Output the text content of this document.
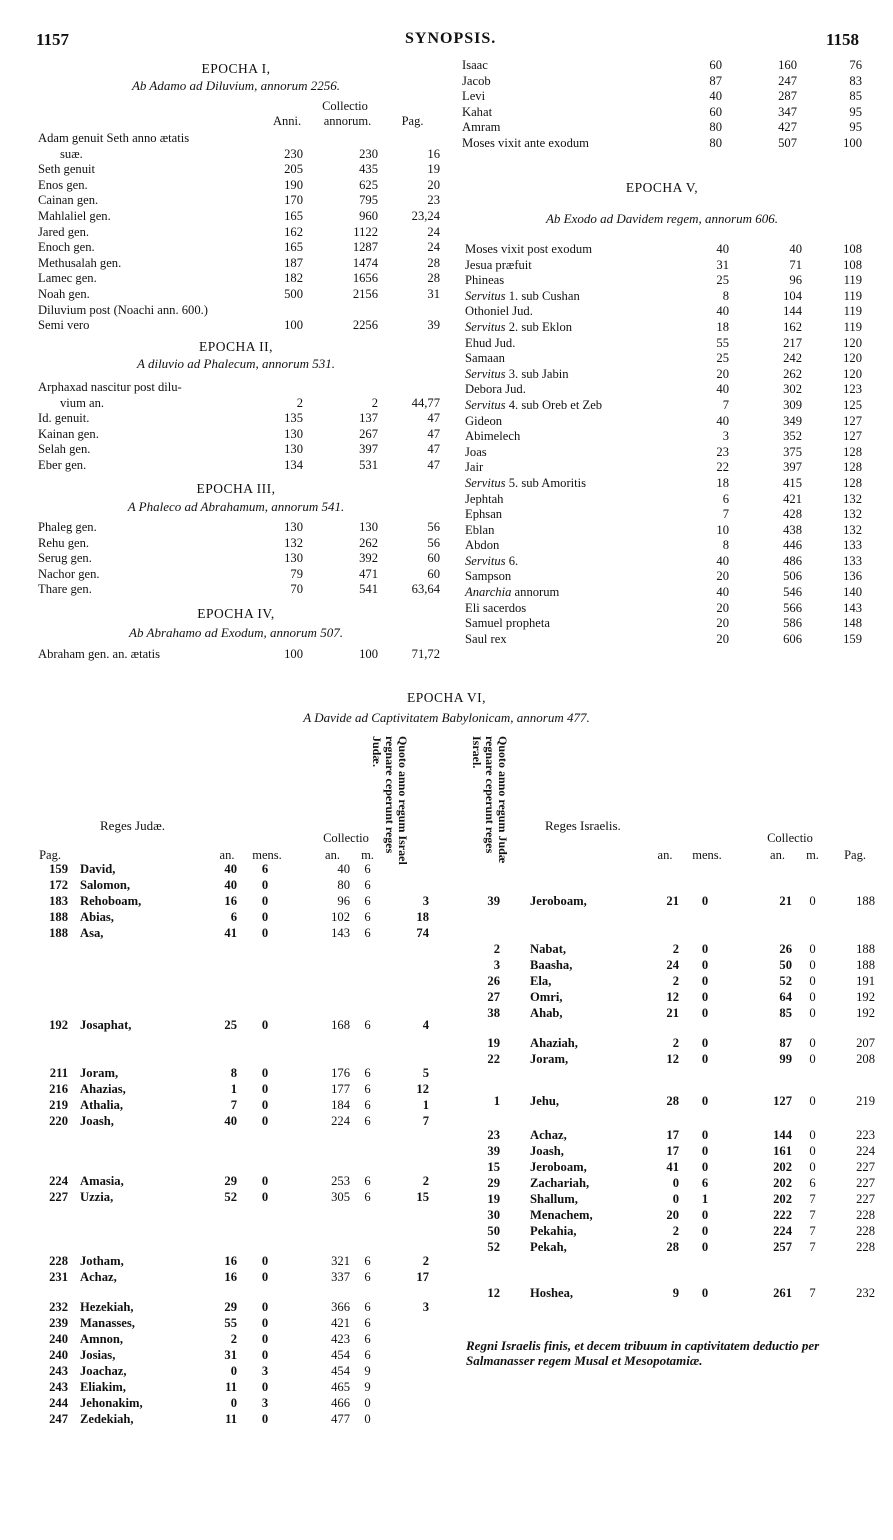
1157	SYNOPSIS.	1158
EPOCHA I,
Ab Adamo ad Diluvium, annorum 2256.
Collectio
Anni.	annorum.	Pag.
Adam genuit Seth anno ætatis			
suæ.	230	230	16
Seth genuit	205	435	19
Enos gen.	190	625	20
Cainan gen.	170	795	23
Mahlaliel gen.	165	960	23,24
Jared gen.	162	1122	24
Enoch gen.	165	1287	24
Methusalah gen.	187	1474	28
Lamec gen.	182	1656	28
Noah gen.	500	2156	31
Diluvium post (Noachi ann. 600.)			
Semi vero	100	2256	39
EPOCHA II,
A diluvio ad Phalecum, annorum 531.
Arphaxad nascitur post dilu-			
vium an.	2	2	44,77
Id. genuit.	135	137	47
Kainan gen.	130	267	47
Selah gen.	130	397	47
Eber gen.	134	531	47
EPOCHA III,
A Phaleco ad Abrahamum, annorum 541.
Phaleg gen.	130	130	56
Rehu gen.	132	262	56
Serug gen.	130	392	60
Nachor gen.	79	471	60
Thare gen.	70	541	63,64
EPOCHA IV,
Ab Abrahamo ad Exodum, annorum 507.
Abraham gen. an. ætatis	100	100	71,72
Isaac	60	160	76
Jacob	87	247	83
Levi	40	287	85
Kahat	60	347	95
Amram	80	427	95
Moses vixit ante exodum	80	507	100
EPOCHA V,
Ab Exodo ad Davidem regem, annorum 606.
Moses vixit post exodum	40	40	108
Jesua præfuit	31	71	108
Phineas	25	96	119
Servitus 1. sub Cushan	8	104	119
Othoniel Jud.	40	144	119
Servitus 2. sub Eklon	18	162	119
Ehud Jud.	55	217	120
Samaan	25	242	120
Servitus 3. sub Jabin	20	262	120
Debora Jud.	40	302	123
Servitus 4. sub Oreb et Zeb	7	309	125
Gideon	40	349	127
Abimelech	3	352	127
Joas	23	375	128
Jair	22	397	128
Servitus 5. sub Amoritis	18	415	128
Jephtah	6	421	132
Ephsan	7	428	132
Eblan	10	438	132
Abdon	8	446	133
Servitus 6.	40	486	133
Sampson	20	506	136
Anarchia annorum	40	546	140
Eli sacerdos	20	566	143
Samuel propheta	20	586	148
Saul rex	20	606	159
EPOCHA VI,
A Davide ad Captivitatem Babylonicam, annorum 477.
Quoto anno regum Israel regnare ceperunt reges Judæ.
Reges Judæ.
Collectio
Pag.	an.	mens.	an.	m.	Quoto anno regum Judæ regnare ceperunt reges Israel.
Reges Israelis.
Collectio
an.	mens.	an.	m.	Pag.
159 David,	40	6	40	6
172 Salomon,	40	0	80	6
183 Rehoboam,	16	0	96	6	3
188 Abias,	6	0	102	6	18
188 Asa,	41	0	143	6	74
192 Josaphat,	25	0	168	6	4
211 Joram,	8	0	176	6	5
216 Ahazias,	1	0	177	6	12
219 Athalia,	7	0	184	6	1
220 Joash,	40	0	224	6	7
224 Amasia,	29	0	253	6	2
227 Uzzia,	52	0	305	6	15
228 Jotham,	16	0	321	6	2
231 Achaz,	16	0	337	6	17
232 Hezekiah,	29	0	366	6	3
239 Manasses,	55	0	421	6
240 Amnon,	2	0	423	6
240 Josias,	31	0	454	6
243 Joachaz,	0	3	454	9
243 Eliakim,	11	0	465	9
244 Jehonakim,	0	3	466	0
247 Zedekiah,	11	0	477	0
39 Jeroboam,	21	0	21	0	188
2 Nabat,	2	0	26	0	188
3 Baasha,	24	0	50	0	188
26 Ela,	2	0	52	0	191
27 Omri,	12	0	64	0	192
38 Ahab,	21	0	85	0	192
19 Ahaziah,	2	0	87	0	207
22 Joram,	12	0	99	0	208
1 Jehu,	28	0	127	0	219
23 Achaz,	17	0	144	0	223
39 Joash,	17	0	161	0	224
15 Jeroboam,	41	0	202	0	227
29 Zachariah,	0	6	202	6	227
19 Shallum,	0	1	202	7	227
30 Menachem,	20	0	222	7	228
50 Pekahia,	2	0	224	7	228
52 Pekah,	28	0	257	7	228
12 Hoshea,	9	0	261	7	232
Regni Israelis finis, et decem tribuum in captivitatem deductio per Salmanasser regem Musal et Mesopotamiæ.
